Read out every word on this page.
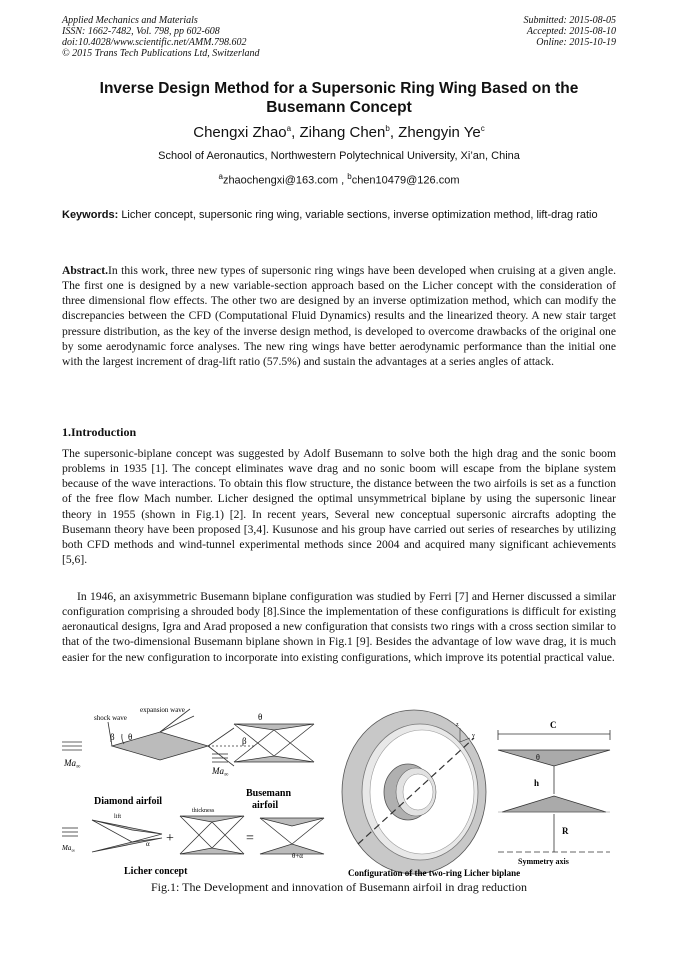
Applied Mechanics and Materials
ISSN: 1662-7482, Vol. 798, pp 602-608
doi:10.4028/www.scientific.net/AMM.798.602
© 2015 Trans Tech Publications Ltd, Switzerland
Submitted: 2015-08-05
Accepted: 2015-08-10
Online: 2015-10-19
Inverse Design Method for a Supersonic Ring Wing Based on the Busemann Concept
Chengxi Zhao$^a$, Zihang Chen$^b$, Zhengyin Ye$^c$
School of Aeronautics, Northwestern Polytechnical University, Xi’an, China
$^a$zhaochengxi@163.com , $^b$chen10479@126.com
Keywords: Licher concept, supersonic ring wing, variable sections, inverse optimization method, lift-drag ratio
Abstract.In this work, three new types of supersonic ring wings have been developed when cruising at a given angle. The first one is designed by a new variable-section approach based on the Licher concept with the consideration of three dimensional flow effects. The other two are designed by an inverse optimization method, which can modify the discrepancies between the CFD (Computational Fluid Dynamics) results and the linearized theory. A new stair target pressure distribution, as the key of the inverse design method, is developed to overcome drawbacks of the original one by some aerodynamic force analyses. The new ring wings have better aerodynamic performance than the initial one with the largest increment of drag-lift ratio (57.5%) and sustain the advantages at a series angles of attack.
1.Introduction
The supersonic-biplane concept was suggested by Adolf Busemann to solve both the high drag and the sonic boom problems in 1935 [1]. The concept eliminates wave drag and no sonic boom will escape from the biplane system because of the wave interactions. To obtain this flow structure, the distance between the two airfoils is set as a function of the free flow Mach number. Licher designed the optimal unsymmetrical biplane by using the supersonic linear theory in 1955 (shown in Fig.1) [2]. In recent years, Several new conceptual supersonic aircrafts adopting the Busemann theory have been proposed [3,4]. Kusunose and his group have carried out series of researches by utilizing both CFD methods and wind-tunnel experimental methods since 2004 and acquired many significant achievements [5,6].
In 1946, an axisymmetric Busemann biplane configuration was studied by Ferri [7] and Herner discussed a similar configuration comprising a shrouded body [8].Since the implementation of these configurations is difficult for existing aeronautical designs, Igra and Arad proposed a new configuration that consists two rings with a cross section similar to that of the two-dimensional Busemann biplane shown in Fig.1 [9]. Besides the advantage of low wave drag, it is much easier for the new configuration to incorporate into existing configurations, which improve its potential practical value.
shock wave
expansion wave
β θ
$Ma_\infty$
Diamond airfoil
θ
β
$Ma_\infty$
Busemann
airfoil
lift
thickness
α
θ+α
+	=
$Ma_\infty$
Licher concept
z
y
Configuration of the two-ring Licher biplane
C
θ
h
R
Symmetry axis
Fig.1: The Development and innovation of Busemann airfoil in drag reduction
